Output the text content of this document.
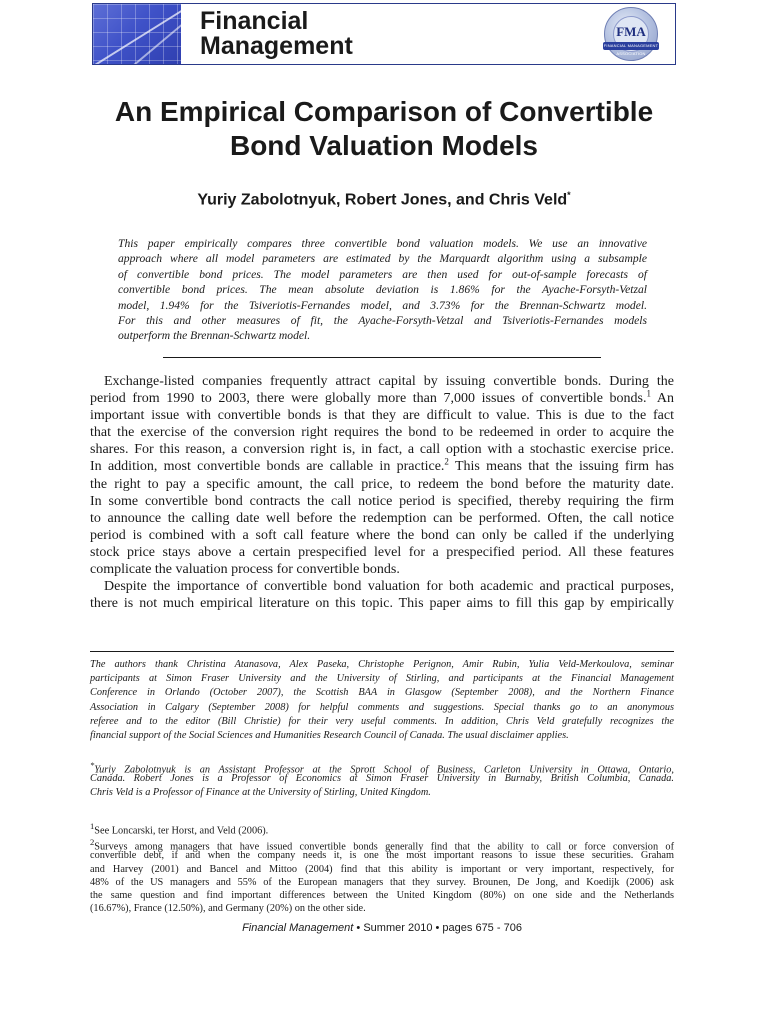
Financial
Management
FMA
FINANCIAL MANAGEMENT ASSOCIATION
An Empirical Comparison of Convertible
Bond Valuation Models
Yuriy Zabolotnyuk, Robert Jones, and Chris Veld*
This paper empirically compares three convertible bond valuation models. We use an innovative
approach where all model parameters are estimated by the Marquardt algorithm using a subsample
of convertible bond prices. The model parameters are then used for out-of-sample forecasts of
convertible bond prices. The mean absolute deviation is 1.86% for the Ayache-Forsyth-Vetzal
model, 1.94% for the Tsiveriotis-Fernandes model, and 3.73% for the Brennan-Schwartz model.
For this and other measures of fit, the Ayache-Forsyth-Vetzal and Tsiveriotis-Fernandes models
outperform the Brennan-Schwartz model.
Exchange-listed companies frequently attract capital by issuing convertible bonds. During the
period from 1990 to 2003, there were globally more than 7,000 issues of convertible bonds.$^1$ An
important issue with convertible bonds is that they are difficult to value. This is due to the fact
that the exercise of the conversion right requires the bond to be redeemed in order to acquire the
shares. For this reason, a conversion right is, in fact, a call option with a stochastic exercise price.
In addition, most convertible bonds are callable in practice.$^2$ This means that the issuing firm has
the right to pay a specific amount, the call price, to redeem the bond before the maturity date.
In some convertible bond contracts the call notice period is specified, thereby requiring the firm
to announce the calling date well before the redemption can be performed. Often, the call notice
period is combined with a soft call feature where the bond can only be called if the underlying
stock price stays above a certain prespecified level for a prespecified period. All these features
complicate the valuation process for convertible bonds.
Despite the importance of convertible bond valuation for both academic and practical purposes,
there is not much empirical literature on this topic. This paper aims to fill this gap by empirically
The authors thank Christina Atanasova, Alex Paseka, Christophe Perignon, Amir Rubin, Yulia Veld-Merkoulova, seminar
participants at Simon Fraser University and the University of Stirling, and participants at the Financial Management
Conference in Orlando (October 2007), the Scottish BAA in Glasgow (September 2008), and the Northern Finance
Association in Calgary (September 2008) for helpful comments and suggestions. Special thanks go to an anonymous
referee and to the editor (Bill Christie) for their very useful comments. In addition, Chris Veld gratefully recognizes the
financial support of the Social Sciences and Humanities Research Council of Canada. The usual disclaimer applies.
*Yuriy Zabolotnyuk is an Assistant Professor at the Sprott School of Business, Carleton University in Ottawa, Ontario,
Canada. Robert Jones is a Professor of Economics at Simon Fraser University in Burnaby, British Columbia, Canada.
Chris Veld is a Professor of Finance at the University of Stirling, United Kingdom.
$^1$See Loncarski, ter Horst, and Veld (2006).
$^2$Surveys among managers that have issued convertible bonds generally find that the ability to call or force conversion of
convertible debt, if and when the company needs it, is one the most important reasons to issue these securities. Graham
and Harvey (2001) and Bancel and Mittoo (2004) find that this ability is important or very important, respectively, for
48% of the US managers and 55% of the European managers that they survey. Brounen, De Jong, and Koedijk (2006) ask
the same question and find important differences between the United Kingdom (80%) on one side and the Netherlands
(16.67%), France (12.50%), and Germany (20%) on the other side.
Financial Management • Summer 2010 • pages 675 - 706
